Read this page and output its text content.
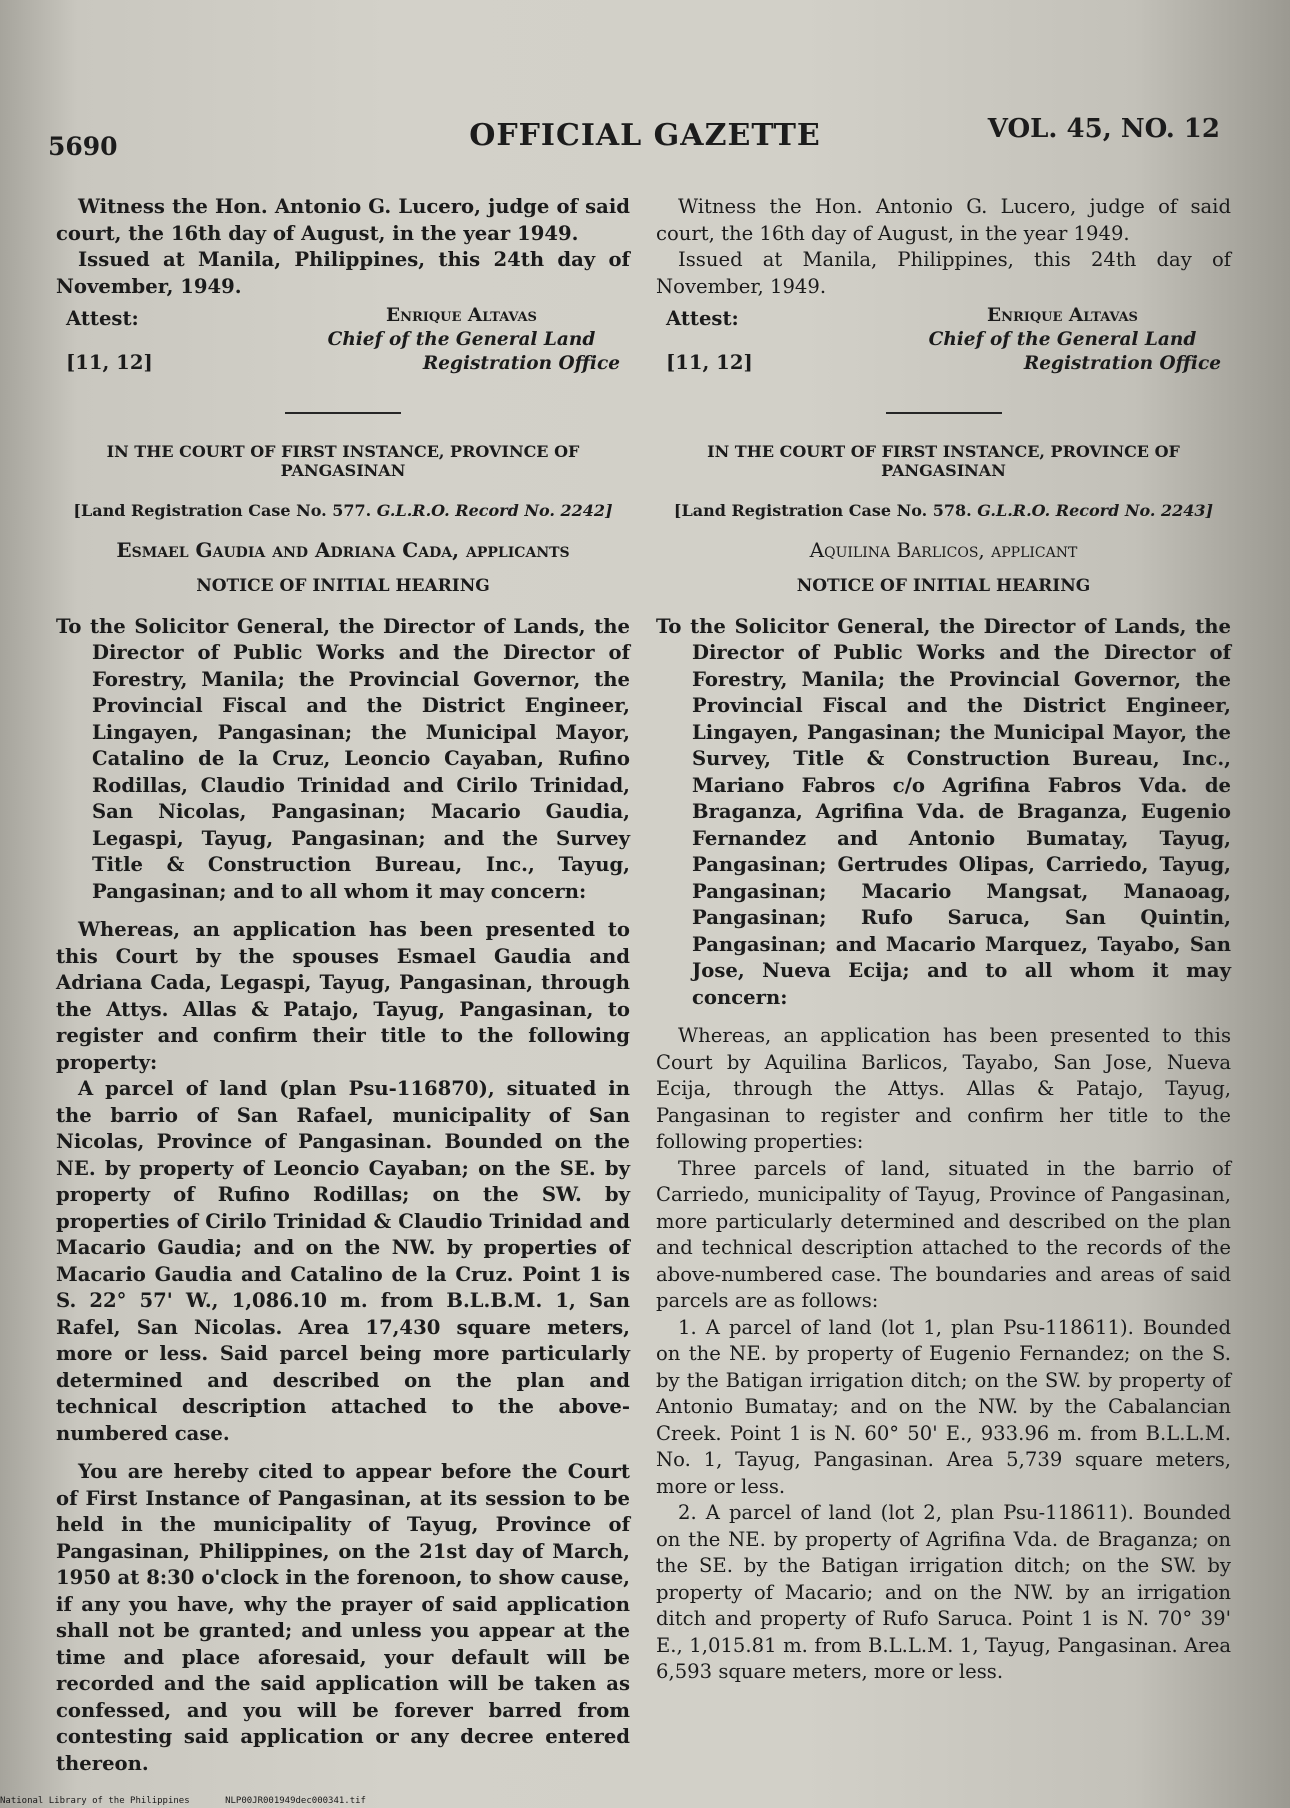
5690	OFFICIAL GAZETTE	VOL. 45, NO. 12

Witness the Hon. Antonio G. Lucero, judge of said court, the 16th day of August, in the year 1949.

Issued at Manila, Philippines, this 24th day of November, 1949.

Attest:
[11, 12]
Enrique Altavas
Chief of the General Land
Registration Office
IN THE COURT OF FIRST INSTANCE, PROVINCE OF PANGASINAN
[Land Registration Case No. 577. G.L.R.O. Record No. 2242]
Esmael Gaudia and Adriana Cada, applicants
NOTICE OF INITIAL HEARING

To the Solicitor General, the Director of Lands, the Director of Public Works and the Director of Forestry, Manila; the Provincial Governor, the Provincial Fiscal and the District Engineer, Lingayen, Pangasinan; the Municipal Mayor, Catalino de la Cruz, Leoncio Cayaban, Rufino Rodillas, Claudio Trinidad and Cirilo Trinidad, San Nicolas, Pangasinan; Macario Gaudia, Legaspi, Tayug, Pangasinan; and the Survey Title & Construction Bureau, Inc., Tayug, Pangasinan; and to all whom it may concern:

Whereas, an application has been presented to this Court by the spouses Esmael Gaudia and Adriana Cada, Legaspi, Tayug, Pangasinan, through the Attys. Allas & Patajo, Tayug, Pangasinan, to register and confirm their title to the following property:

A parcel of land (plan Psu-116870), situated in the barrio of San Rafael, municipality of San Nicolas, Province of Pangasinan. Bounded on the NE. by property of Leoncio Cayaban; on the SE. by property of Rufino Rodillas; on the SW. by properties of Cirilo Trinidad & Claudio Trinidad and Macario Gaudia; and on the NW. by properties of Macario Gaudia and Catalino de la Cruz. Point 1 is S. 22° 57' W., 1,086.10 m. from B.L.B.M. 1, San Rafel, San Nicolas. Area 17,430 square meters, more or less. Said parcel being more particularly determined and described on the plan and technical description attached to the above-numbered case.

You are hereby cited to appear before the Court of First Instance of Pangasinan, at its session to be held in the municipality of Tayug, Province of Pangasinan, Philippines, on the 21st day of March, 1950 at 8:30 o'clock in the forenoon, to show cause, if any you have, why the prayer of said application shall not be granted; and unless you appear at the time and place aforesaid, your default will be recorded and the said application will be taken as confessed, and you will be forever barred from contesting said application or any decree entered thereon.

Witness the Hon. Antonio G. Lucero, judge of said court, the 16th day of August, in the year 1949.

Issued at Manila, Philippines, this 24th day of November, 1949.

Attest:
[11, 12]
Enrique Altavas
Chief of the General Land
Registration Office
IN THE COURT OF FIRST INSTANCE, PROVINCE OF PANGASINAN
[Land Registration Case No. 578. G.L.R.O. Record No. 2243]
Aquilina Barlicos, applicant
NOTICE OF INITIAL HEARING

To the Solicitor General, the Director of Lands, the Director of Public Works and the Director of Forestry, Manila; the Provincial Governor, the Provincial Fiscal and the District Engineer, Lingayen, Pangasinan; the Municipal Mayor, the Survey, Title & Construction Bureau, Inc., Mariano Fabros c/o Agrifina Fabros Vda. de Braganza, Agrifina Vda. de Braganza, Eugenio Fernandez and Antonio Bumatay, Tayug, Pangasinan; Gertrudes Olipas, Carriedo, Tayug, Pangasinan; Macario Mangsat, Manaoag, Pangasinan; Rufo Saruca, San Quintin, Pangasinan; and Macario Marquez, Tayabo, San Jose, Nueva Ecija; and to all whom it may concern:

Whereas, an application has been presented to this Court by Aquilina Barlicos, Tayabo, San Jose, Nueva Ecija, through the Attys. Allas & Patajo, Tayug, Pangasinan to register and confirm her title to the following properties:

Three parcels of land, situated in the barrio of Carriedo, municipality of Tayug, Province of Pangasinan, more particularly determined and described on the plan and technical description attached to the records of the above-numbered case. The boundaries and areas of said parcels are as follows:

1. A parcel of land (lot 1, plan Psu-118611). Bounded on the NE. by property of Eugenio Fernandez; on the S. by the Batigan irrigation ditch; on the SW. by property of Antonio Bumatay; and on the NW. by the Cabalancian Creek. Point 1 is N. 60° 50' E., 933.96 m. from B.L.L.M. No. 1, Tayug, Pangasinan. Area 5,739 square meters, more or less.

2. A parcel of land (lot 2, plan Psu-118611). Bounded on the NE. by property of Agrifina Vda. de Braganza; on the SE. by the Batigan irrigation ditch; on the SW. by property of Macario; and on the NW. by an irrigation ditch and property of Rufo Saruca. Point 1 is N. 70° 39' E., 1,015.81 m. from B.L.L.M. 1, Tayug, Pangasinan. Area 6,593 square meters, more or less.

National Library of the Philippines	NLP00JR001949dec000341.tif
